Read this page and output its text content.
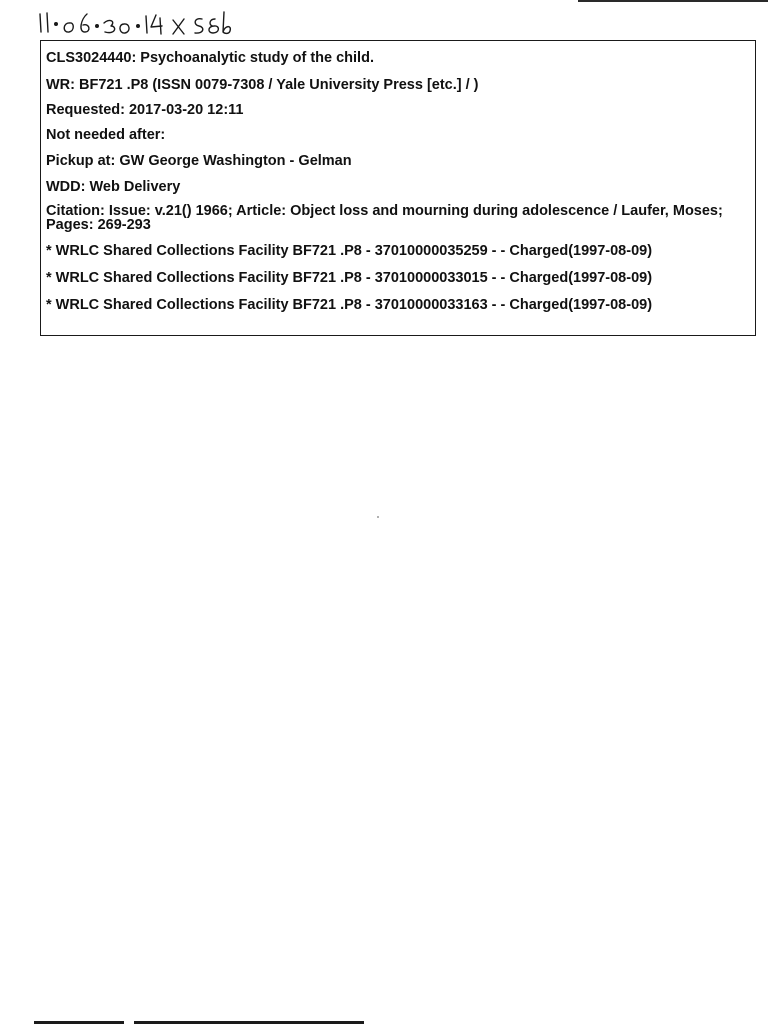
CLS3024440: Psychoanalytic study of the child.

WR: BF721 .P8 (ISSN 0079-7308 / Yale University Press [etc.] / )

Requested: 2017-03-20 12:11

Not needed after:

Pickup at: GW George Washington - Gelman

WDD: Web Delivery

Citation: Issue: v.21() 1966; Article: Object loss and mourning during adolescence / Laufer, Moses; Pages: 269-293

* WRLC Shared Collections Facility BF721 .P8 - 37010000035259 - - Charged(1997-08-09)

* WRLC Shared Collections Facility BF721 .P8 - 37010000033015 - - Charged(1997-08-09)

* WRLC Shared Collections Facility BF721 .P8 - 37010000033163 - - Charged(1997-08-09)
